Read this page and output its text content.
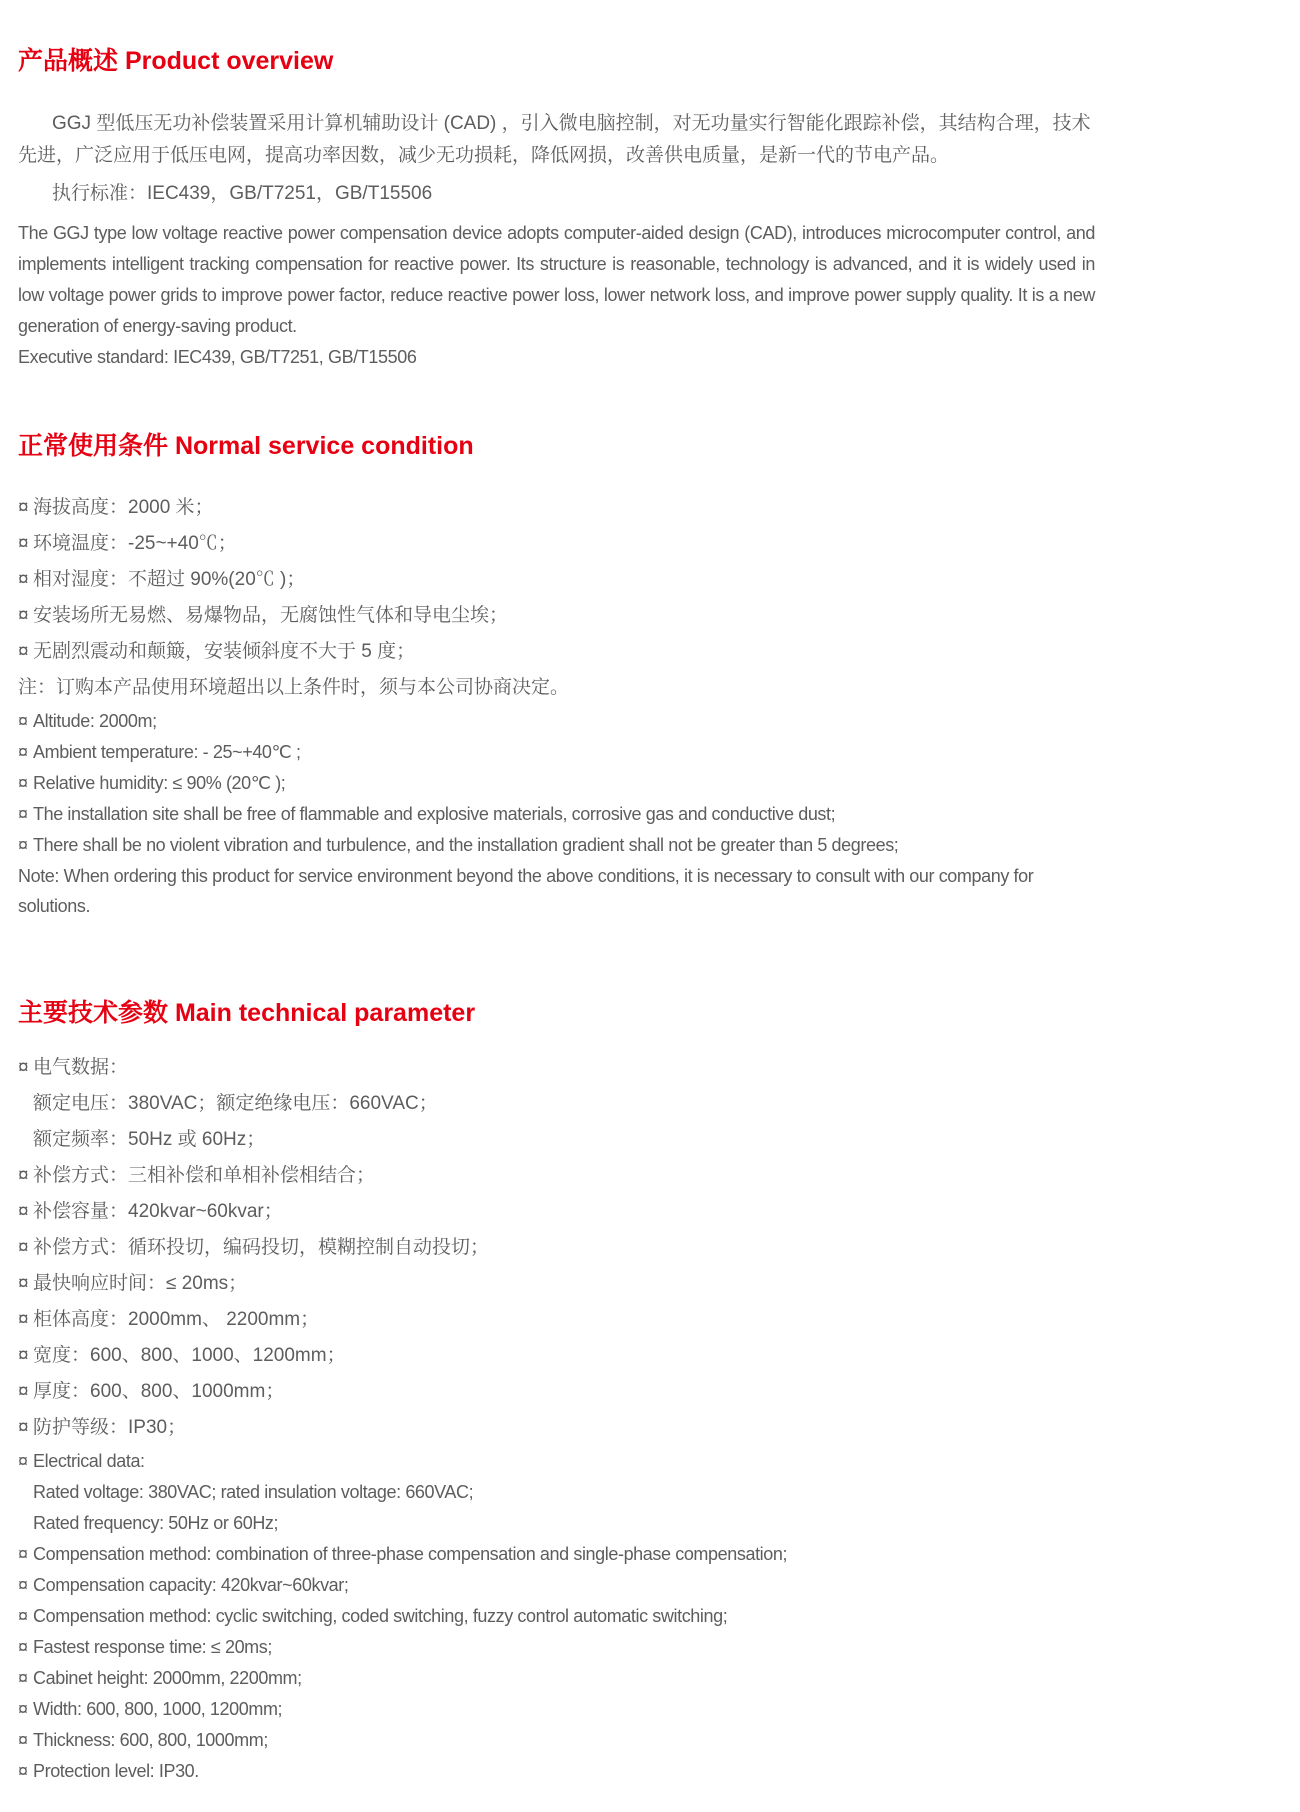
产品概述 Product overview

GGJ 型低压无功补偿装置采用计算机辅助设计 (CAD) ，引入微电脑控制，对无功量实行智能化跟踪补偿，其结构合理，技术先进，广泛应用于低压电网，提高功率因数，减少无功损耗，降低网损，改善供电质量，是新一代的节电产品。

执行标准：IEC439，GB/T7251，GB/T15506

The GGJ type low voltage reactive power compensation device adopts computer-aided design (CAD), introduces microcomputer control, and implements intelligent tracking compensation for reactive power. Its structure is reasonable, technology is advanced, and it is widely used in low voltage power grids to improve power factor, reduce reactive power loss, lower network loss, and improve power supply quality. It is a new generation of energy-saving product.

Executive standard: IEC439, GB/T7251, GB/T15506

正常使用条件 Normal service condition
¤ 海拔高度：2000 米；
¤ 环境温度：-25~+40℃；
¤ 相对湿度：不超过 90%(20℃ )；
¤ 安装场所无易燃、易爆物品，无腐蚀性气体和导电尘埃；
¤ 无剧烈震动和颠簸，安装倾斜度不大于 5 度；
注：订购本产品使用环境超出以上条件时，须与本公司协商决定。
¤ Altitude: 2000m;
¤ Ambient temperature: - 25~+40℃ ;
¤ Relative humidity: ≤ 90% (20℃ );
¤ The installation site shall be free of flammable and explosive materials, corrosive gas and conductive dust;
¤ There shall be no violent vibration and turbulence, and the installation gradient shall not be greater than 5 degrees;
Note: When ordering this product for service environment beyond the above conditions, it is necessary to consult with our company for solutions.
主要技术参数 Main technical parameter
¤ 电气数据：
额定电压：380VAC；额定绝缘电压：660VAC；
额定频率：50Hz 或 60Hz；
¤ 补偿方式：三相补偿和单相补偿相结合；
¤ 补偿容量：420kvar~60kvar；
¤ 补偿方式：循环投切，编码投切，模糊控制自动投切；
¤ 最快响应时间：≤ 20ms；
¤ 柜体高度：2000mm、 2200mm；
¤ 宽度：600、800、1000、1200mm；
¤ 厚度：600、800、1000mm；
¤ 防护等级：IP30；
¤ Electrical data:
Rated voltage: 380VAC; rated insulation voltage: 660VAC;
Rated frequency: 50Hz or 60Hz;
¤ Compensation method: combination of three-phase compensation and single-phase compensation;
¤ Compensation capacity: 420kvar~60kvar;
¤ Compensation method: cyclic switching, coded switching, fuzzy control automatic switching;
¤ Fastest response time: ≤ 20ms;
¤ Cabinet height: 2000mm, 2200mm;
¤ Width: 600, 800, 1000, 1200mm;
¤ Thickness: 600, 800, 1000mm;
¤ Protection level: IP30.
